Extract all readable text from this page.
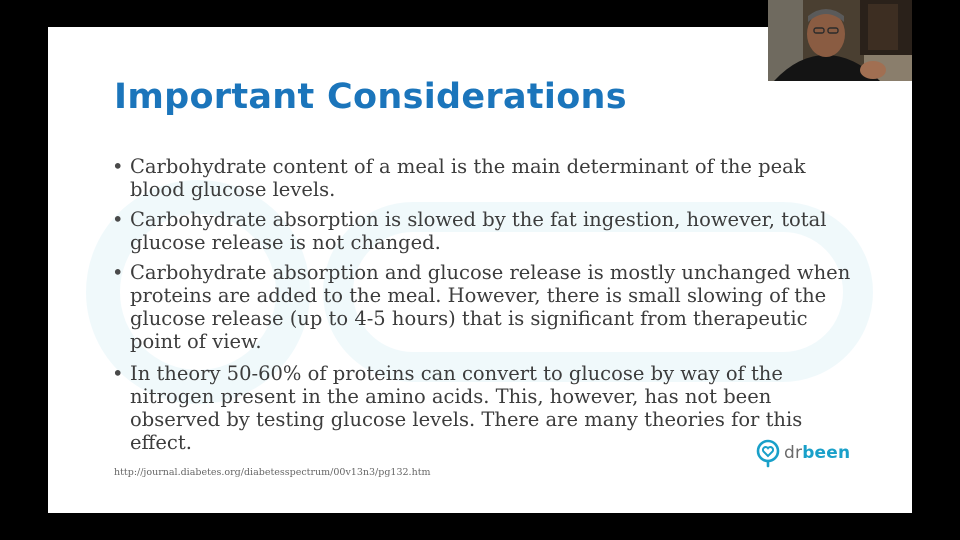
Important Considerations
• Carbohydrate content of a meal is the main determinant of the peak blood glucose levels.
• Carbohydrate absorption is slowed by the fat ingestion, however, total glucose release is not changed.
• Carbohydrate absorption and glucose release is mostly unchanged when proteins are added to the meal. However, there is small slowing of the glucose release (up to 4-5 hours) that is significant from therapeutic point of view.
• In theory 50-60% of proteins can convert to glucose by way of the nitrogen present in the amino acids. This, however, has not been observed by testing glucose levels. There are many theories for this effect.
http://journal.diabetes.org/diabetesspectrum/00v13n3/pg132.htm
drbeen
